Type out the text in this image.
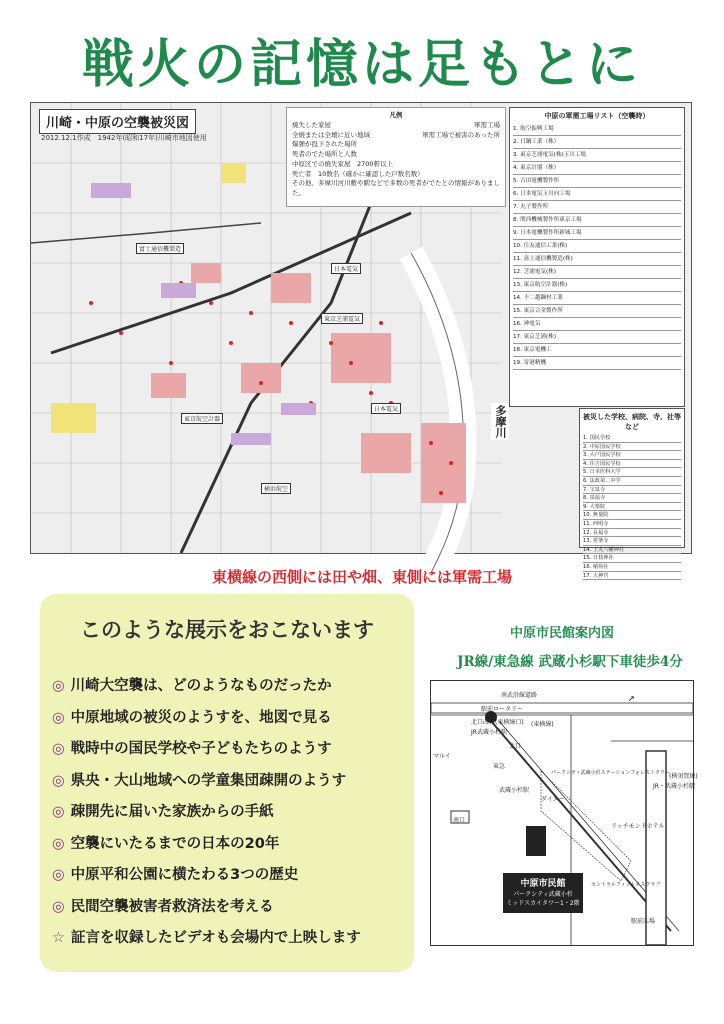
戦火の記憶は足もとに
川崎・中原の空襲被災図
2012.12.1作成　1942年(昭和17年)川崎市地図使用
凡例
焼失した家屋	軍需工場
全焼または全壊に近い地域	軍需工場で被害のあった所
爆弾が投下された場所
死者のでた場所と人数
中原区での焼失家屋　2700軒以上
死亡者　10数名（確かに確認した戸数名数）
その他、多摩川河川敷や駅などで多数の死者がでたとの情報がありました。
富士通信機製造
日本電気
東京航空計器
東京芝浦電気
日本電気
横浜航空
多摩川
中原の軍需工場リスト（空襲時）
1. 航空振興工場
2. 日鋼工業（株）
3. 東京芝浦電気(株)玉川工場
4. 東京計器（株）
5. 吉田電機製作所
6. 日本電気玉川向工場
7. 丸子製作所
8. 関西機械製作所東京工場
9. 日本電機製作所新城工場
10. 住友通信工業(株)
11. 富士通信機製造(株)
12. 芝浦電気(株)
13. 東京航空計器(株)
14. 不二越鋼材工業
15. 東京合金製作所
16. 神電気
17. 東京芝浦(株)
18. 東京電機工
19. 寄港精機
被災した学校、病院、寺、社等など
1. 国民学校
2. 中原国民学校
3. 大戸国民学校
4. 住吉国民学校
5. 日本医科大学
6. 法政第二中学
7. 宝泉寺
8. 泉福寺
9. 大楽院
10. 無量院
11. 西明寺
12. 長福寺
13. 常楽寺
14. 上丸八幡神社
15. 日枝神社
16. 稲荷社
17. 大神宮
東横線の西側には田や畑、東側には軍需工場
このような展示をおこないます
◎ 川崎大空襲は、どのようなものだったか
◎ 中原地域の被災のようすを、地図で見る
◎ 戦時中の国民学校や子どもたちのようす
◎ 県央・大山地域への学童集団疎開のようす
◎ 疎開先に届いた家族からの手紙
◎ 空襲にいたるまでの日本の20年
◎ 中原平和公園に横たわる3つの歴史
◎ 民間空襲被害者救済法を考える
☆ 証言を収録したビデオも会場内で上映します
中原市民館案内図
JR線/東急線 武蔵小杉駅下車徒歩4分
↗
南武沿線道路
駅前ロータリー
北口改札(東横線口)
JR武蔵小杉駅
(東横線)
東急
武蔵小杉駅
マルイ
ダイエー
パークシティ武蔵小杉ステーションフォレストタワー
リッチモンドホテル
セントラルフィットネスクラブ
JR・武蔵小杉駅
(横須賀線)
駅前広場
南口
北口
中原市民館
パークシティ武蔵小杉
ミッドスカイタワー1・2階
